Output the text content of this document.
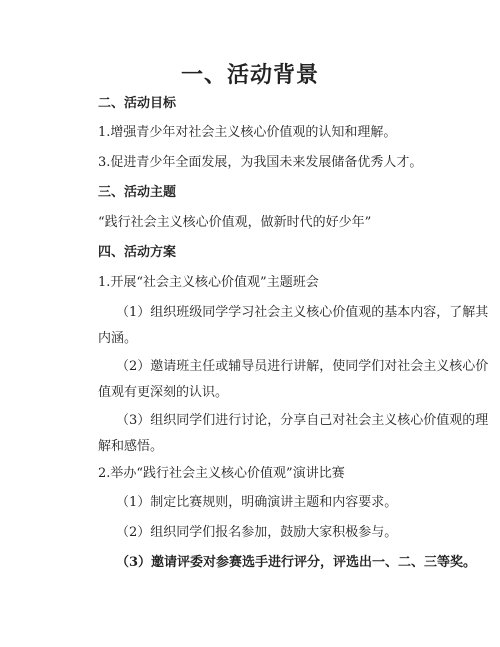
一、活动背景

二、活动目标

1.增强青少年对社会主义核心价值观的认知和理解。

3.促进青少年全面发展，为我国未来发展储备优秀人才。

三、活动主题

“践行社会主义核心价值观，做新时代的好少年”

四、活动方案

1.开展“社会主义核心价值观”主题班会

（1）组织班级同学学习社会主义核心价值观的基本内容，了解其
内涵。
（2）邀请班主任或辅导员进行讲解，使同学们对社会主义核心价
值观有更深刻的认识。
（3）组织同学们进行讨论，分享自己对社会主义核心价值观的理
解和感悟。

2.举办“践行社会主义核心价值观”演讲比赛

（1）制定比赛规则，明确演讲主题和内容要求。

（2）组织同学们报名参加，鼓励大家积极参与。

（3）邀请评委对参赛选手进行评分，评选出一、二、三等奖。
